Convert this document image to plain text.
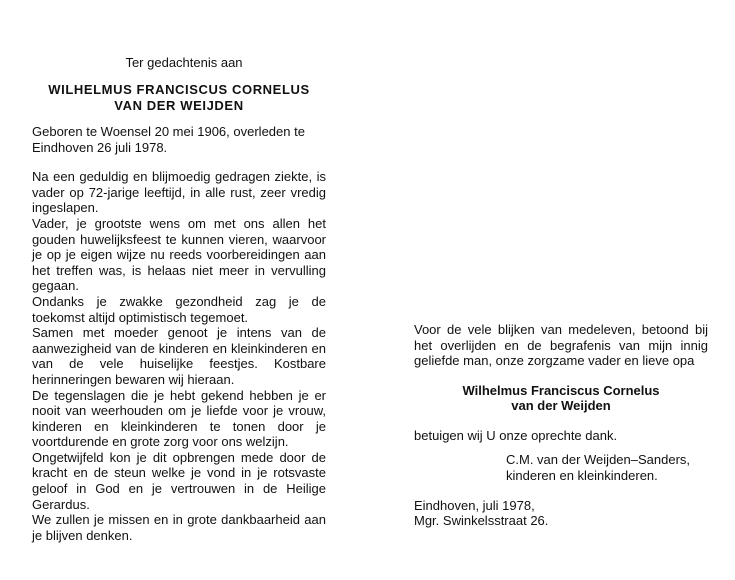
Ter gedachtenis aan
WILHELMUS FRANCISCUS CORNELUS
VAN DER WEIJDEN

Geboren te Woensel 20 mei 1906, overleden te Eindhoven 26 juli 1978.

Na een geduldig en blijmoedig gedragen ziekte, is vader op 72-jarige leeftijd, in alle rust, zeer vredig ingeslapen.

Vader, je grootste wens om met ons allen het gouden huwelijksfeest te kunnen vieren, waarvoor je op je eigen wijze nu reeds voorbereidingen aan het treffen was, is helaas niet meer in vervulling gegaan.

Ondanks je zwakke gezondheid zag je de toekomst altijd optimistisch tegemoet.

Samen met moeder genoot je intens van de aanwezigheid van de kinderen en kleinkinderen en van de vele huiselijke feestjes. Kostbare herinneringen bewaren wij hieraan.

De tegenslagen die je hebt gekend hebben je er nooit van weerhouden om je liefde voor je vrouw, kinderen en kleinkinderen te tonen door je voortdurende en grote zorg voor ons welzijn.

Ongetwijfeld kon je dit opbrengen mede door de kracht en de steun welke je vond in je rotsvaste geloof in God en je vertrouwen in de Heilige Gerardus.

We zullen je missen en in grote dankbaarheid aan je blijven denken.

Voor de vele blijken van medeleven, betoond bij het overlijden en de begrafenis van mijn innig geliefde man, onze zorgzame vader en lieve opa

Wilhelmus Franciscus Cornelus
van der Weijden

betuigen wij U onze oprechte dank.

C.M. van der Weijden–Sanders,
kinderen en kleinkinderen.

Eindhoven, juli 1978,

Mgr. Swinkelsstraat 26.
